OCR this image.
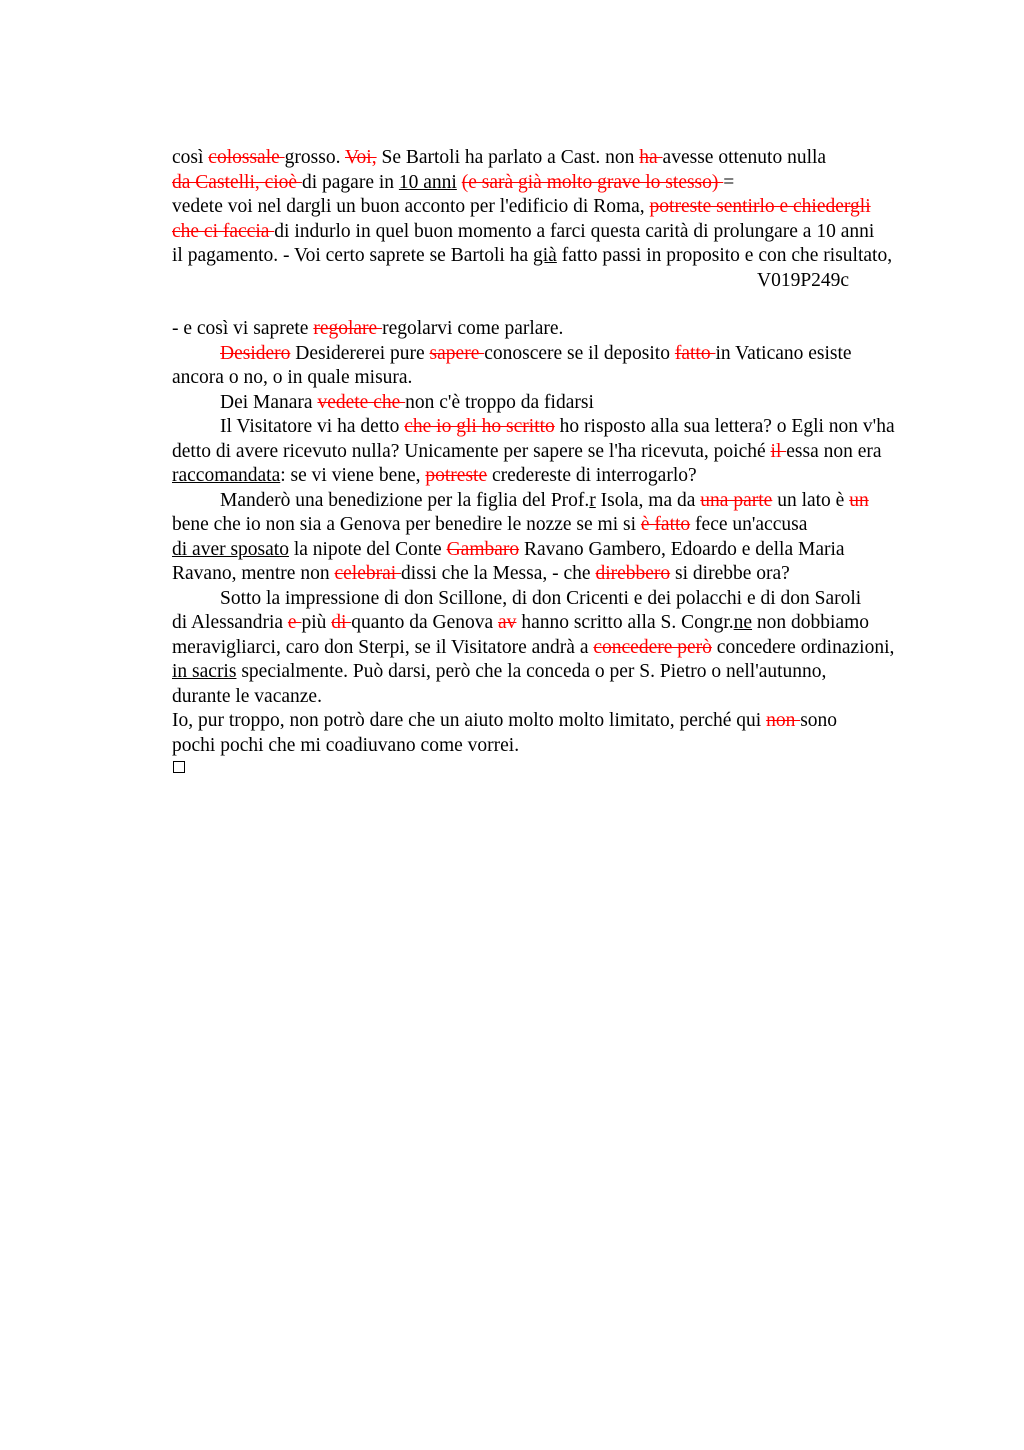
così colossale grosso. Voi, Se Bartoli ha parlato a Cast. non ha avesse ottenuto nulla
da Castelli, cioè di pagare in 10 anni (e sarà già molto grave lo stesso) =
vedete voi nel dargli un buon acconto per l'edificio di Roma, potreste sentirlo e chiedergli
che ci faccia di indurlo in quel buon momento a farci questa carità di prolungare a 10 anni
il pagamento. - Voi certo saprete se Bartoli ha già fatto passi in proposito e con che risultato,
V019P249c
- e così vi saprete regolare regolarvi come parlare.
Desidero Desidererei pure sapere conoscere se il deposito fatto in Vaticano esiste
ancora o no, o in quale misura.
Dei Manara vedete che non c'è troppo da fidarsi
Il Visitatore vi ha detto che io gli ho scritto ho risposto alla sua lettera? o Egli non v'ha
detto di avere ricevuto nulla? Unicamente per sapere se l'ha ricevuta, poiché il essa non era
raccomandata: se vi viene bene, potreste credereste di interrogarlo?
Manderò una benedizione per la figlia del Prof.r Isola, ma da una parte un lato è un
bene che io non sia a Genova per benedire le nozze se mi si è fatto fece un'accusa
di aver sposato la nipote del Conte Gambaro Ravano Gambero, Edoardo e della Maria
Ravano, mentre non celebrai dissi che la Messa, - che direbbero si direbbe ora?
Sotto la impressione di don Scillone, di don Cricenti e dei polacchi e di don Saroli
di Alessandria e più di quanto da Genova av hanno scritto alla S. Congr.ne non dobbiamo
meravigliarci, caro don Sterpi, se il Visitatore andrà a concedere però concedere ordinazioni,
in sacris specialmente. Può darsi, però che la conceda o per S. Pietro o nell'autunno,
durante le vacanze.
Io, pur troppo, non potrò dare che un aiuto molto molto limitato, perché qui non sono
pochi pochi che mi coadiuvano come vorrei.
